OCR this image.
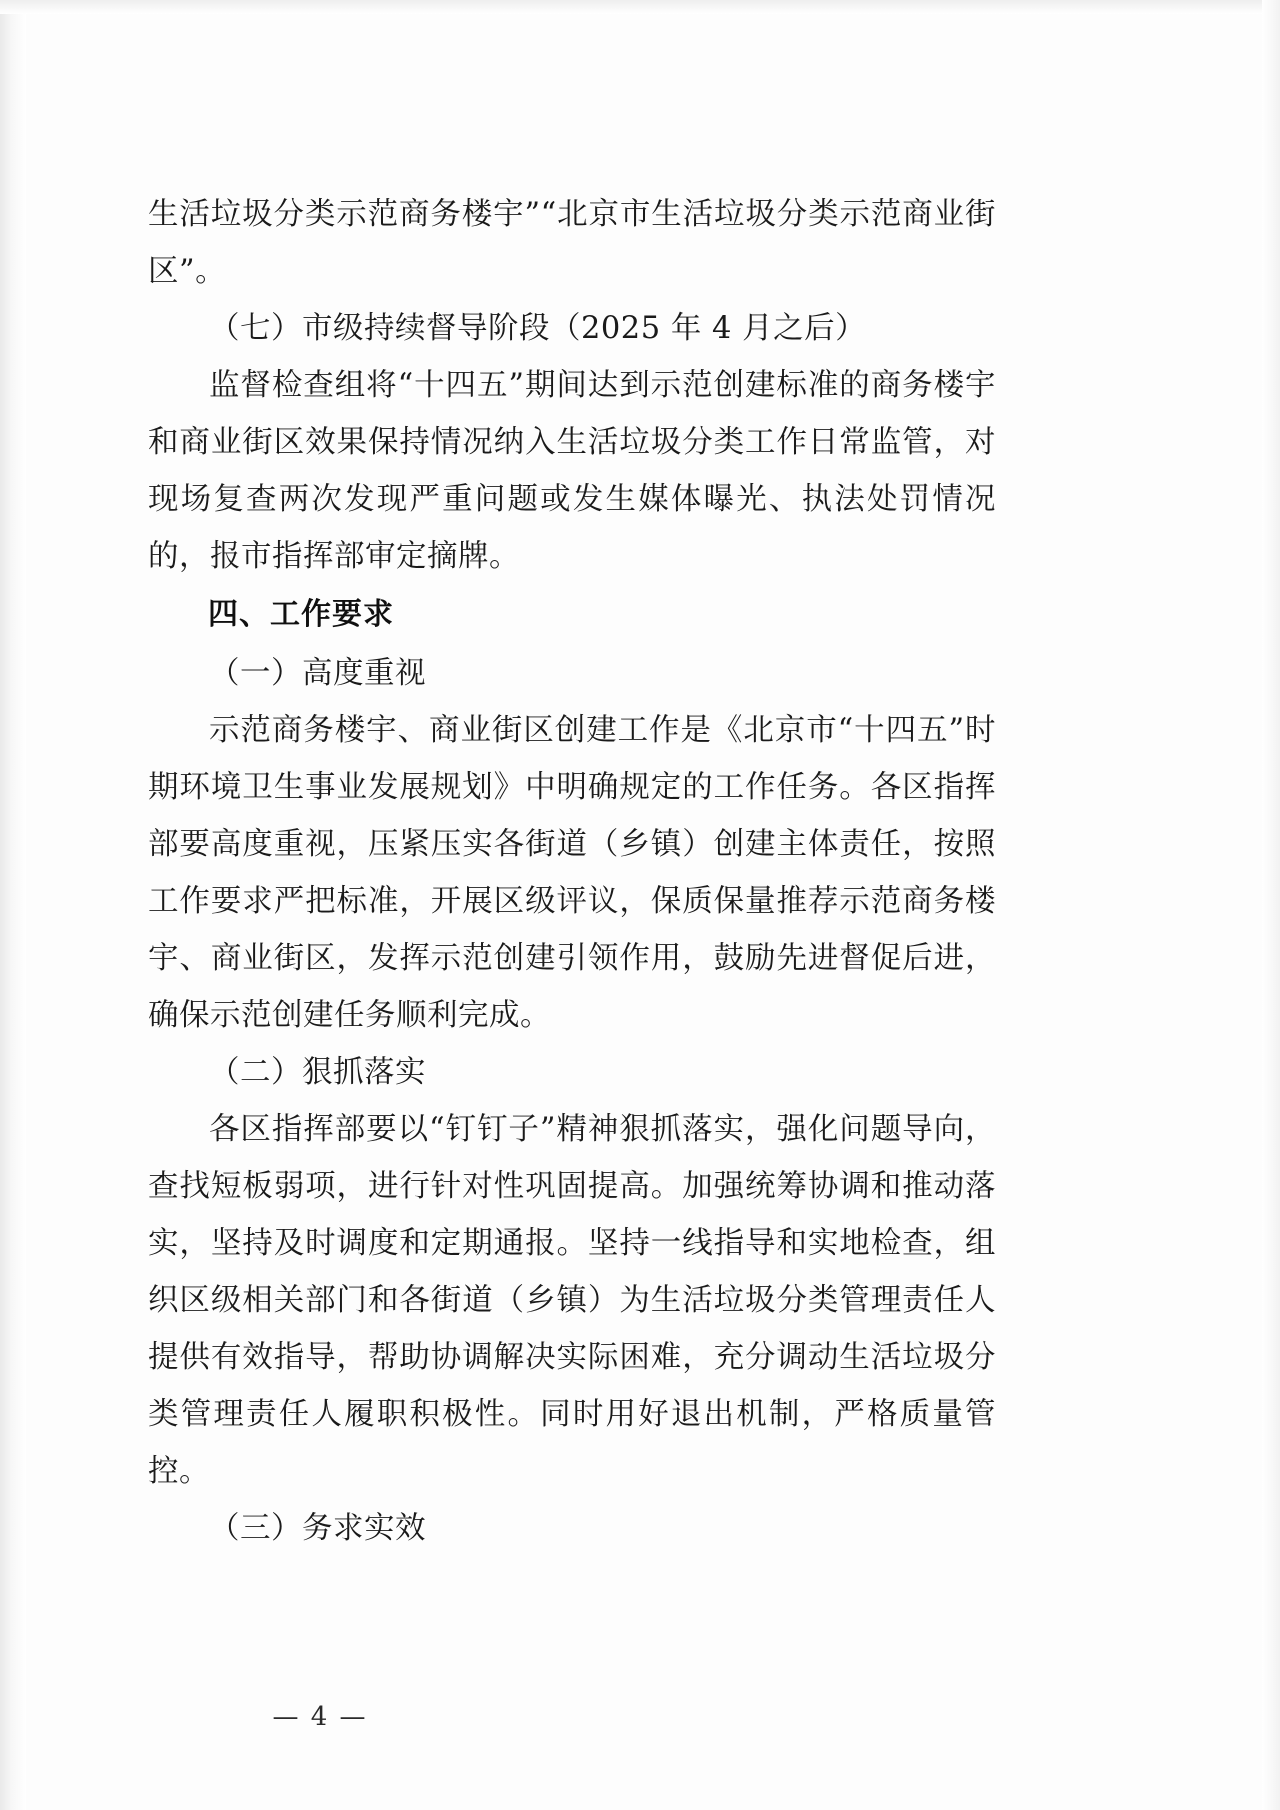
生活垃圾分类示范商务楼宇”“北京市生活垃圾分类示范商业街区”。

（七）市级持续督导阶段（2025 年 4 月之后）

监督检查组将“十四五”期间达到示范创建标准的商务楼宇和商业街区效果保持情况纳入生活垃圾分类工作日常监管，对现场复查两次发现严重问题或发生媒体曝光、执法处罚情况的，报市指挥部审定摘牌。

四、工作要求

（一）高度重视

示范商务楼宇、商业街区创建工作是《北京市“十四五”时期环境卫生事业发展规划》中明确规定的工作任务。各区指挥部要高度重视，压紧压实各街道（乡镇）创建主体责任，按照工作要求严把标准，开展区级评议，保质保量推荐示范商务楼宇、商业街区，发挥示范创建引领作用，鼓励先进督促后进，确保示范创建任务顺利完成。

（二）狠抓落实

各区指挥部要以“钉钉子”精神狠抓落实，强化问题导向，查找短板弱项，进行针对性巩固提高。加强统筹协调和推动落实，坚持及时调度和定期通报。坚持一线指导和实地检查，组织区级相关部门和各街道（乡镇）为生活垃圾分类管理责任人提供有效指导，帮助协调解决实际困难，充分调动生活垃圾分类管理责任人履职积极性。同时用好退出机制，严格质量管控。

（三）务求实效

— 4 —
